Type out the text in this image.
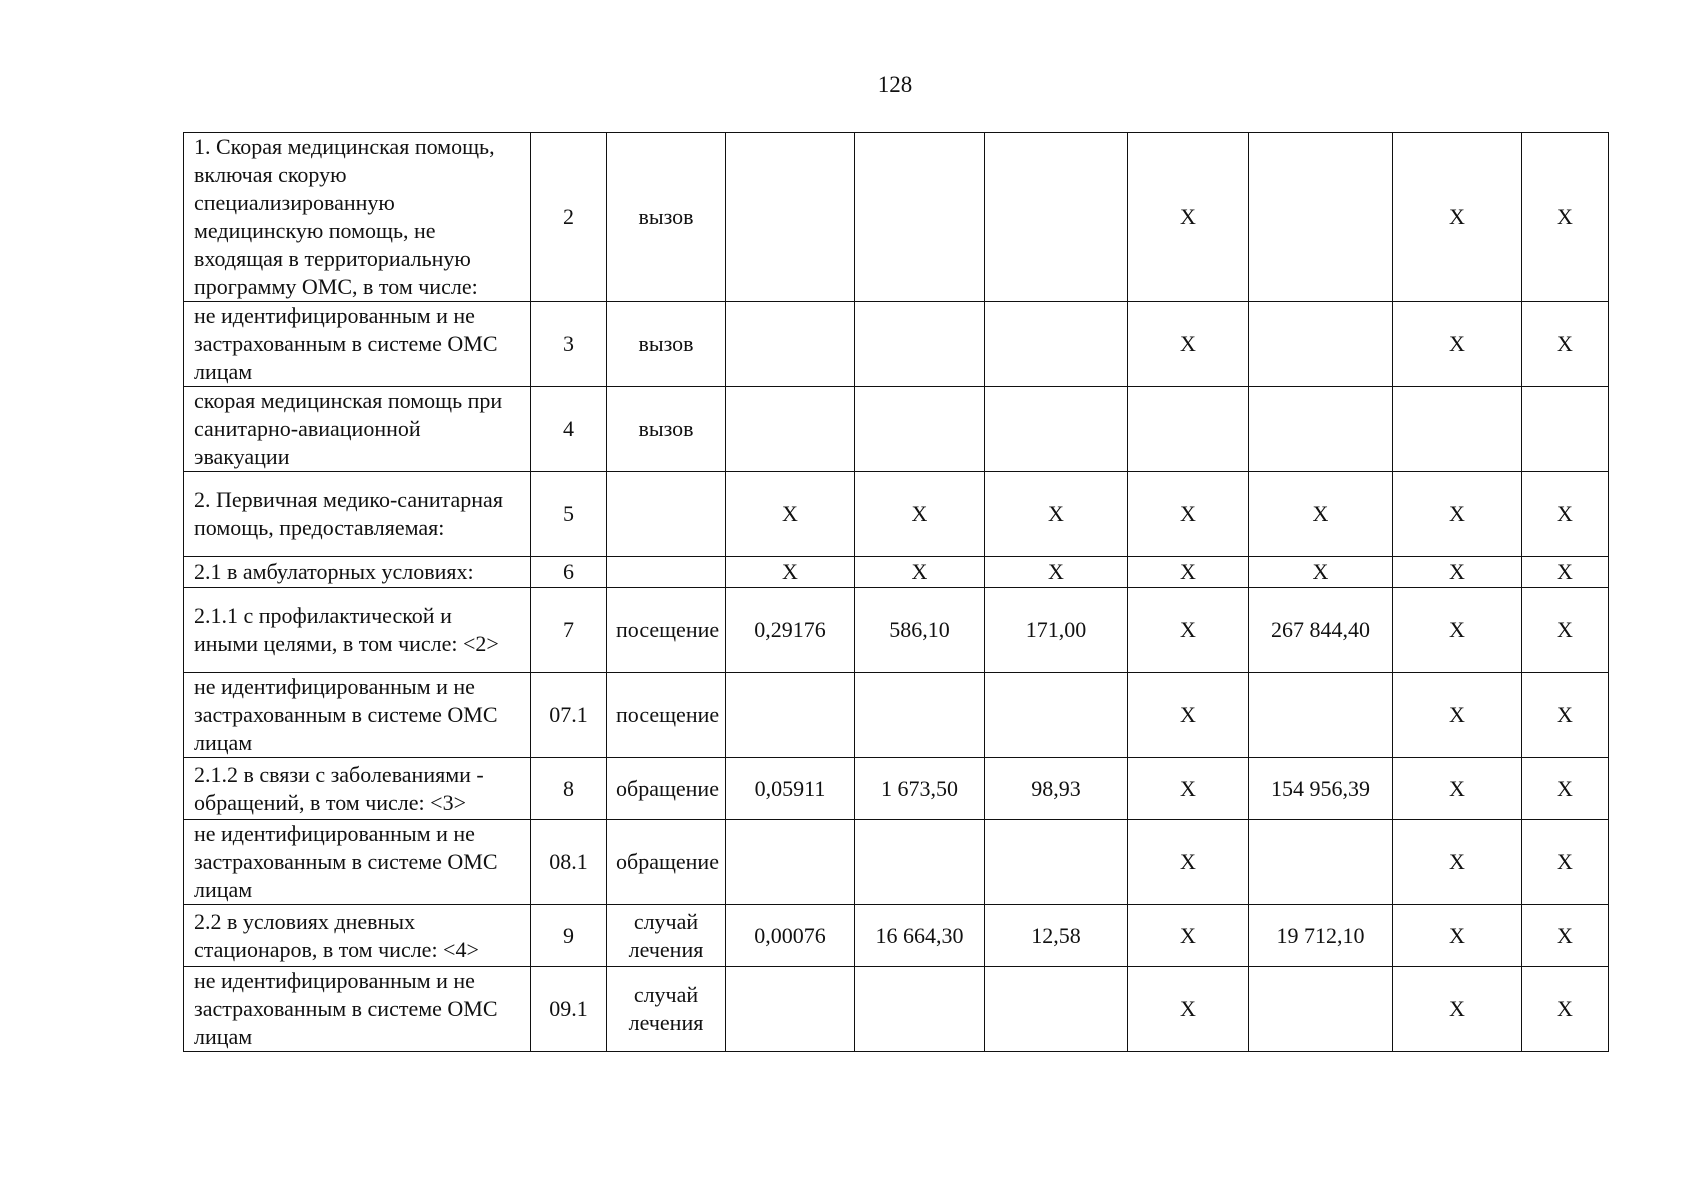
128
1. Скорая медицинская помощь, включая скорую специализированную медицинскую помощь, не входящая в территориальную программу ОМС, в том числе:	2	вызов				X		X	X
не идентифицированным и не застрахованным в системе ОМС лицам	3	вызов				X		X	X
скорая медицинская помощь при санитарно-авиационной эвакуации	4	вызов							
2. Первичная медико-санитарная помощь, предоставляемая:	5		X	X	X	X	X	X	X
2.1 в амбулаторных условиях:	6		X	X	X	X	X	X	X
2.1.1 с профилактической и иными целями, в том числе: <2>	7	посещение	0,29176	586,10	171,00	X	267 844,40	X	X
не идентифицированным и не застрахованным в системе ОМС лицам	07.1	посещение				X		X	X
2.1.2 в связи с заболеваниями - обращений, в том числе: <3>	8	обращение	0,05911	1 673,50	98,93	X	154 956,39	X	X
не идентифицированным и не застрахованным в системе ОМС лицам	08.1	обращение				X		X	X
2.2 в условиях дневных стационаров, в том числе: <4>	9	случай лечения	0,00076	16 664,30	12,58	X	19 712,10	X	X
не идентифицированным и не застрахованным в системе ОМС лицам	09.1	случай лечения				X		X	X
